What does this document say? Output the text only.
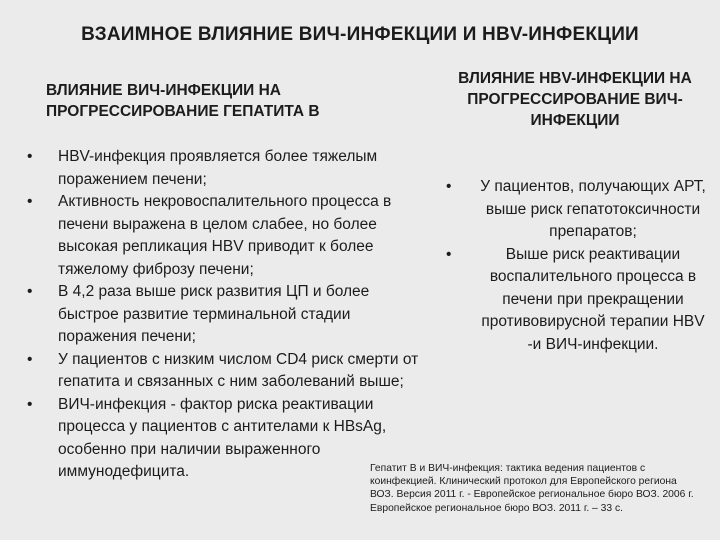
ВЗАИМНОЕ ВЛИЯНИЕ ВИЧ-ИНФЕКЦИИ И HBV-ИНФЕКЦИИ
ВЛИЯНИЕ ВИЧ-ИНФЕКЦИИ НА ПРОГРЕССИРОВАНИЕ ГЕПАТИТА В
ВЛИЯНИЕ HBV-ИНФЕКЦИИ НА ПРОГРЕССИРОВАНИЕ ВИЧ-ИНФЕКЦИИ
• HBV-инфекция проявляется более тяжелым поражением печени;
• Активность некровоспалительного процесса в печени выражена в целом слабее, но более высокая репликация HBV приводит к более тяжелому фиброзу печени;
• В 4,2 раза выше риск развития ЦП и более быстрое развитие терминальной стадии поражения печени;
• У пациентов с низким числом CD4 риск смерти от гепатита и связанных с ним заболеваний выше;
• ВИЧ-инфекция - фактор риска реактивации процесса у пациентов с антителами к HBsAg, особенно при наличии выраженного иммунодефицита.
• У пациентов, получающих АРТ, выше риск гепатотоксичности препаратов;
• Выше риск реактивации воспалительного процесса в печени при прекращении противовирусной терапии HBV -и ВИЧ-инфекции.
Гепатит В и ВИЧ-инфекция: тактика ведения пациентов с коинфекцией. Клинический протокол для Европейского региона ВОЗ. Версия 2011 г. - Европейское региональное бюро ВОЗ. 2006 г. Европейское региональное бюро ВОЗ. 2011 г. – 33 с.
